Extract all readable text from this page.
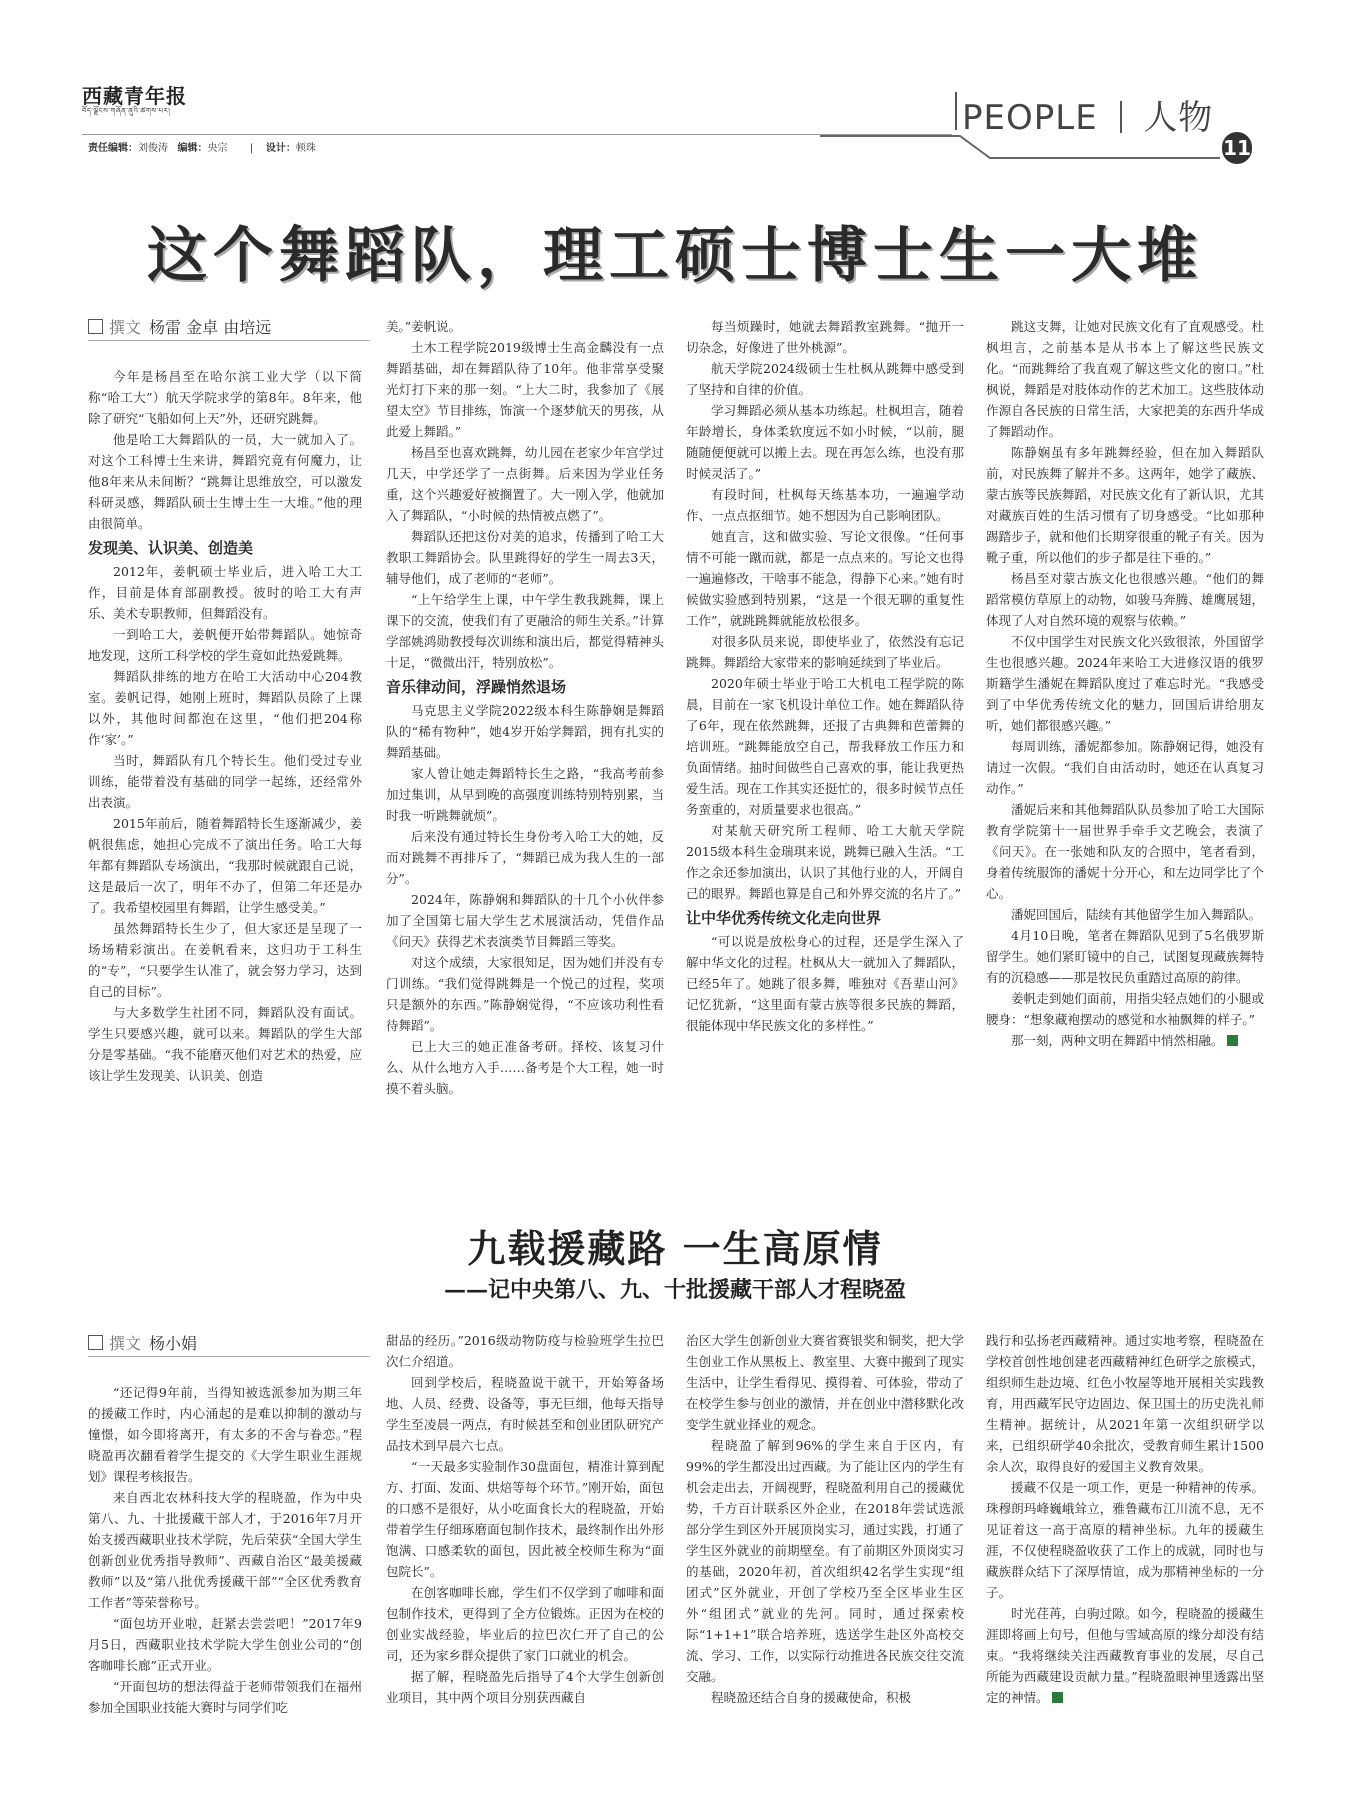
西藏青年报
བོད་ལྗོངས་གཞོན་ནུའི་ཚགས་པར།
责任编辑：刘俊涛 编辑：央宗 | 设计：顿珠
PEOPLE 人物
11
这个舞蹈队，理工硕士博士生一大堆
撰文 杨雷 金卓 由培远

今年是杨昌至在哈尔滨工业大学（以下简称“哈工大”）航天学院求学的第8年。8年来，他除了研究“飞船如何上天”外，还研究跳舞。

他是哈工大舞蹈队的一员，大一就加入了。对这个工科博士生来讲，舞蹈究竟有何魔力，让他8年来从未间断？“跳舞让思维放空，可以激发科研灵感，舞蹈队硕士生博士生一大堆。”他的理由很简单。

发现美、认识美、创造美

2012年，姜帆硕士毕业后，进入哈工大工作，目前是体育部副教授。彼时的哈工大有声乐、美术专职教师，但舞蹈没有。

一到哈工大，姜帆便开始带舞蹈队。她惊奇地发现，这所工科学校的学生竟如此热爱跳舞。

舞蹈队排练的地方在哈工大活动中心204教室。姜帆记得，她刚上班时，舞蹈队员除了上课以外，其他时间都泡在这里，“他们把204称作‘家’。”

当时，舞蹈队有几个特长生。他们受过专业训练，能带着没有基础的同学一起练，还经常外出表演。

2015年前后，随着舞蹈特长生逐渐减少，姜帆很焦虑，她担心完成不了演出任务。哈工大每年都有舞蹈队专场演出，“我那时候就跟自己说，这是最后一次了，明年不办了，但第二年还是办了。我希望校园里有舞蹈，让学生感受美。”

虽然舞蹈特长生少了，但大家还是呈现了一场场精彩演出。在姜帆看来，这归功于工科生的“专”，“只要学生认准了，就会努力学习，达到自己的目标”。

与大多数学生社团不同，舞蹈队没有面试。学生只要感兴趣，就可以来。舞蹈队的学生大部分是零基础。“我不能磨灭他们对艺术的热爱，应该让学生发现美、认识美、创造

美。”姜帆说。

土木工程学院2019级博士生高金麟没有一点舞蹈基础，却在舞蹈队待了10年。他非常享受聚光灯打下来的那一刻。“上大二时，我参加了《展望太空》节目排练，饰演一个逐梦航天的男孩，从此爱上舞蹈。”

杨昌至也喜欢跳舞，幼儿园在老家少年宫学过几天，中学还学了一点街舞。后来因为学业任务重，这个兴趣爱好被搁置了。大一刚入学，他就加入了舞蹈队，“小时候的热情被点燃了”。

舞蹈队还把这份对美的追求，传播到了哈工大教职工舞蹈协会。队里跳得好的学生一周去3天，辅导他们，成了老师的“老师”。

“上午给学生上课，中午学生教我跳舞，课上课下的交流，使我们有了更融洽的师生关系。”计算学部姚鸿勋教授每次训练和演出后，都觉得精神头十足，“微微出汗，特别放松”。

音乐律动间，浮躁悄然退场

马克思主义学院2022级本科生陈静娴是舞蹈队的“稀有物种”，她4岁开始学舞蹈，拥有扎实的舞蹈基础。

家人曾让她走舞蹈特长生之路，“我高考前参加过集训，从早到晚的高强度训练特别特别累，当时我一听跳舞就烦”。

后来没有通过特长生身份考入哈工大的她，反而对跳舞不再排斥了，“舞蹈已成为我人生的一部分”。

2024年，陈静娴和舞蹈队的十几个小伙伴参加了全国第七届大学生艺术展演活动，凭借作品《问天》获得艺术表演类节目舞蹈三等奖。

对这个成绩，大家很知足，因为她们并没有专门训练。“我们觉得跳舞是一个悦己的过程，奖项只是额外的东西。”陈静娴觉得，“不应该功利性看待舞蹈”。

已上大三的她正准备考研。择校、该复习什么、从什么地方入手……备考是个大工程，她一时摸不着头脑。

每当烦躁时，她就去舞蹈教室跳舞。“抛开一切杂念，好像进了世外桃源”。

航天学院2024级硕士生杜枫从跳舞中感受到了坚持和自律的价值。

学习舞蹈必须从基本功练起。杜枫坦言，随着年龄增长，身体柔软度远不如小时候，“以前，腿随随便便就可以搬上去。现在再怎么练，也没有那时候灵活了。”

有段时间，杜枫每天练基本功，一遍遍学动作、一点点抠细节。她不想因为自己影响团队。

她直言，这和做实验、写论文很像。“任何事情不可能一蹴而就，都是一点点来的。写论文也得一遍遍修改，干啥事不能急，得静下心来。”她有时候做实验感到特别累，“这是一个很无聊的重复性工作”，就跳跳舞就能放松很多。

对很多队员来说，即使毕业了，依然没有忘记跳舞。舞蹈给大家带来的影响延续到了毕业后。

2020年硕士毕业于哈工大机电工程学院的陈晨，目前在一家飞机设计单位工作。她在舞蹈队待了6年，现在依然跳舞，还报了古典舞和芭蕾舞的培训班。“跳舞能放空自己，帮我释放工作压力和负面情绪。抽时间做些自己喜欢的事，能让我更热爱生活。现在工作其实还挺忙的，很多时候节点任务蛮重的，对质量要求也很高。”

对某航天研究所工程师、哈工大航天学院2015级本科生金瑞琪来说，跳舞已融入生活。“工作之余还参加演出，认识了其他行业的人，开阔自己的眼界。舞蹈也算是自己和外界交流的名片了。”

让中华优秀传统文化走向世界

“可以说是放松身心的过程，还是学生深入了解中华文化的过程。杜枫从大一就加入了舞蹈队，已经5年了。她跳了很多舞，唯独对《吾辈山河》记忆犹新，“这里面有蒙古族等很多民族的舞蹈，很能体现中华民族文化的多样性。”

跳这支舞，让她对民族文化有了直观感受。杜枫坦言，之前基本是从书本上了解这些民族文化。“而跳舞给了我直观了解这些文化的窗口。”杜枫说，舞蹈是对肢体动作的艺术加工。这些肢体动作源自各民族的日常生活，大家把美的东西升华成了舞蹈动作。

陈静娴虽有多年跳舞经验，但在加入舞蹈队前，对民族舞了解并不多。这两年，她学了藏族、蒙古族等民族舞蹈，对民族文化有了新认识，尤其对藏族百姓的生活习惯有了切身感受。“比如那种踢踏步子，就和他们长期穿很重的靴子有关。因为靴子重，所以他们的步子都是往下垂的。”

杨昌至对蒙古族文化也很感兴趣。“他们的舞蹈常模仿草原上的动物，如骏马奔腾、雄鹰展翅，体现了人对自然环境的观察与依赖。”

不仅中国学生对民族文化兴致很浓，外国留学生也很感兴趣。2024年来哈工大进修汉语的俄罗斯籍学生潘妮在舞蹈队度过了难忘时光。“我感受到了中华优秀传统文化的魅力，回国后讲给朋友听，她们都很感兴趣。”

每周训练，潘妮都参加。陈静娴记得，她没有请过一次假。“我们自由活动时，她还在认真复习动作。”

潘妮后来和其他舞蹈队队员参加了哈工大国际教育学院第十一届世界手牵手文艺晚会，表演了《问天》。在一张她和队友的合照中，笔者看到，身着传统服饰的潘妮十分开心，和左边同学比了个心。

潘妮回国后，陆续有其他留学生加入舞蹈队。

4月10日晚，笔者在舞蹈队见到了5名俄罗斯留学生。她们紧盯镜中的自己，试图复现藏族舞特有的沉稳感——那是牧民负重踏过高原的韵律。

姜帆走到她们面前，用指尖轻点她们的小腿或腰身：“想象藏袍摆动的感觉和水袖飘舞的样子。”

那一刻，两种文明在舞蹈中悄然相融。

九载援藏路 一生高原情
——记中央第八、九、十批援藏干部人才程晓盈
撰文 杨小娟

“还记得9年前，当得知被选派参加为期三年的援藏工作时，内心涌起的是难以抑制的激动与憧憬，如今即将离开，有太多的不舍与眷恋。”程晓盈再次翻看着学生提交的《大学生职业生涯规划》课程考核报告。

来自西北农林科技大学的程晓盈，作为中央第八、九、十批援藏干部人才，于2016年7月开始支援西藏职业技术学院，先后荣获“全国大学生创新创业优秀指导教师”、西藏自治区“最美援藏教师”以及“第八批优秀援藏干部”“全区优秀教育工作者”等荣誉称号。

“面包坊开业啦，赶紧去尝尝吧！”2017年9月5日，西藏职业技术学院大学生创业公司的“创客咖啡长廊”正式开业。

“开面包坊的想法得益于老师带领我们在福州参加全国职业技能大赛时与同学们吃

甜品的经历。”2016级动物防疫与检验班学生拉巴次仁介绍道。

回到学校后，程晓盈说干就干，开始筹备场地、人员、经费、设备等，事无巨细，他每天指导学生至凌晨一两点，有时候甚至和创业团队研究产品技术到早晨六七点。

“一天最多实验制作30盘面包，精准计算到配方、打面、发面、烘焙等每个环节。”刚开始，面包的口感不是很好，从小吃面食长大的程晓盈，开始带着学生仔细琢磨面包制作技术，最终制作出外形饱满、口感柔软的面包，因此被全校师生称为“面包院长”。

在创客咖啡长廊，学生们不仅学到了咖啡和面包制作技术，更得到了全方位锻炼。正因为在校的创业实战经验，毕业后的拉巴次仁开了自己的公司，还为家乡群众提供了家门口就业的机会。

据了解，程晓盈先后指导了4个大学生创新创业项目，其中两个项目分别获西藏自

治区大学生创新创业大赛省赛银奖和铜奖，把大学生创业工作从黑板上、教室里、大赛中搬到了现实生活中，让学生看得见、摸得着、可体验，带动了在校学生参与创业的激情，并在创业中潜移默化改变学生就业择业的观念。

程晓盈了解到96%的学生来自于区内，有99%的学生都没出过西藏。为了能让区内的学生有机会走出去，开阔视野，程晓盈利用自己的援藏优势，千方百计联系区外企业，在2018年尝试选派部分学生到区外开展顶岗实习，通过实践，打通了学生区外就业的前期壁垒。有了前期区外顶岗实习的基础，2020年初，首次组织42名学生实现“组团式”区外就业，开创了学校乃至全区毕业生区外“组团式”就业的先河。同时，通过探索校际“1+1+1”联合培养班，选送学生赴区外高校交流、学习、工作，以实际行动推进各民族交往交流交融。

程晓盈还结合自身的援藏使命，积极

践行和弘扬老西藏精神。通过实地考察，程晓盈在学校首创性地创建老西藏精神红色研学之旅模式，组织师生赴边境、红色小牧屋等地开展相关实践教育，用西藏军民守边固边、保卫国土的历史洗礼师生精神。据统计，从2021年第一次组织研学以来，已组织研学40余批次，受教育师生累计1500余人次，取得良好的爱国主义教育效果。

援藏不仅是一项工作，更是一种精神的传承。珠穆朗玛峰巍峨耸立，雅鲁藏布江川流不息，无不见证着这一高于高原的精神坐标。九年的援藏生涯，不仅使程晓盈收获了工作上的成就，同时也与藏族群众结下了深厚情谊，成为那精神坐标的一分子。

时光荏苒，白驹过隙。如今，程晓盈的援藏生涯即将画上句号，但他与雪域高原的缘分却没有结束。“我将继续关注西藏教育事业的发展，尽自己所能为西藏建设贡献力量。”程晓盈眼神里透露出坚定的神情。
